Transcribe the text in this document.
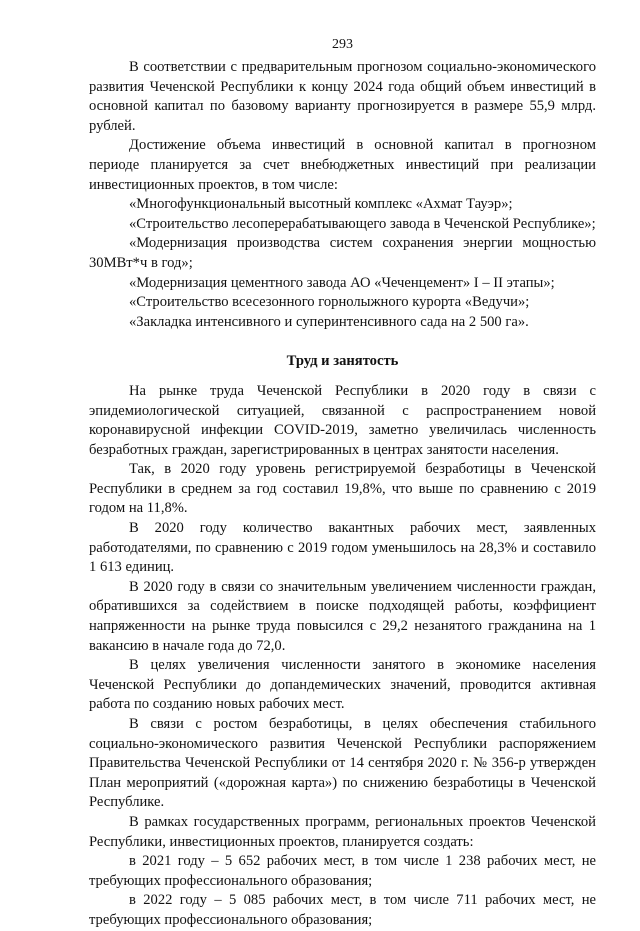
293

В соответствии с предварительным прогнозом социально-экономического развития Чеченской Республики к концу 2024 года общий объем инвестиций в основной капитал по базовому варианту прогнозируется в размере 55,9 млрд. рублей.

Достижение объема инвестиций в основной капитал в прогнозном периоде планируется за счет внебюджетных инвестиций при реализации инвестиционных проектов, в том числе:

«Многофункциональный высотный комплекс «Ахмат Тауэр»;

«Строительство лесоперерабатывающего завода в Чеченской Республике»;

«Модернизация производства систем сохранения энергии мощностью 30МВт*ч в год»;

«Модернизация цементного завода АО «Чеченцемент» I – II этапы»;

«Строительство всесезонного горнолыжного курорта «Ведучи»;

«Закладка интенсивного и суперинтенсивного сада на 2 500 га».

Труд и занятость

На рынке труда Чеченской Республики в 2020 году в связи с эпидемиологической ситуацией, связанной с распространением новой коронавирусной инфекции COVID-2019, заметно увеличилась численность безработных граждан, зарегистрированных в центрах занятости населения.

Так, в 2020 году уровень регистрируемой безработицы в Чеченской Республики в среднем за год составил 19,8%, что выше по сравнению с 2019 годом на 11,8%.

В 2020 году количество вакантных рабочих мест, заявленных работодателями, по сравнению с 2019 годом уменьшилось на 28,3% и составило 1 613 единиц.

В 2020 году в связи со значительным увеличением численности граждан, обратившихся за содействием в поиске подходящей работы, коэффициент напряженности на рынке труда повысился с 29,2 незанятого гражданина на 1 вакансию в начале года до 72,0.

В целях увеличения численности занятого в экономике населения Чеченской Республики до допандемических значений, проводится активная работа по созданию новых рабочих мест.

В связи с ростом безработицы, в целях обеспечения стабильного социально-экономического развития Чеченской Республики распоряжением Правительства Чеченской Республики от 14 сентября 2020 г. № 356-р утвержден План мероприятий («дорожная карта») по снижению безработицы в Чеченской Республике.

В рамках государственных программ, региональных проектов Чеченской Республики, инвестиционных проектов, планируется создать:

в 2021 году – 5 652 рабочих мест, в том числе 1 238 рабочих мест, не требующих профессионального образования;

в 2022 году – 5 085 рабочих мест, в том числе 711 рабочих мест, не требующих профессионального образования;
